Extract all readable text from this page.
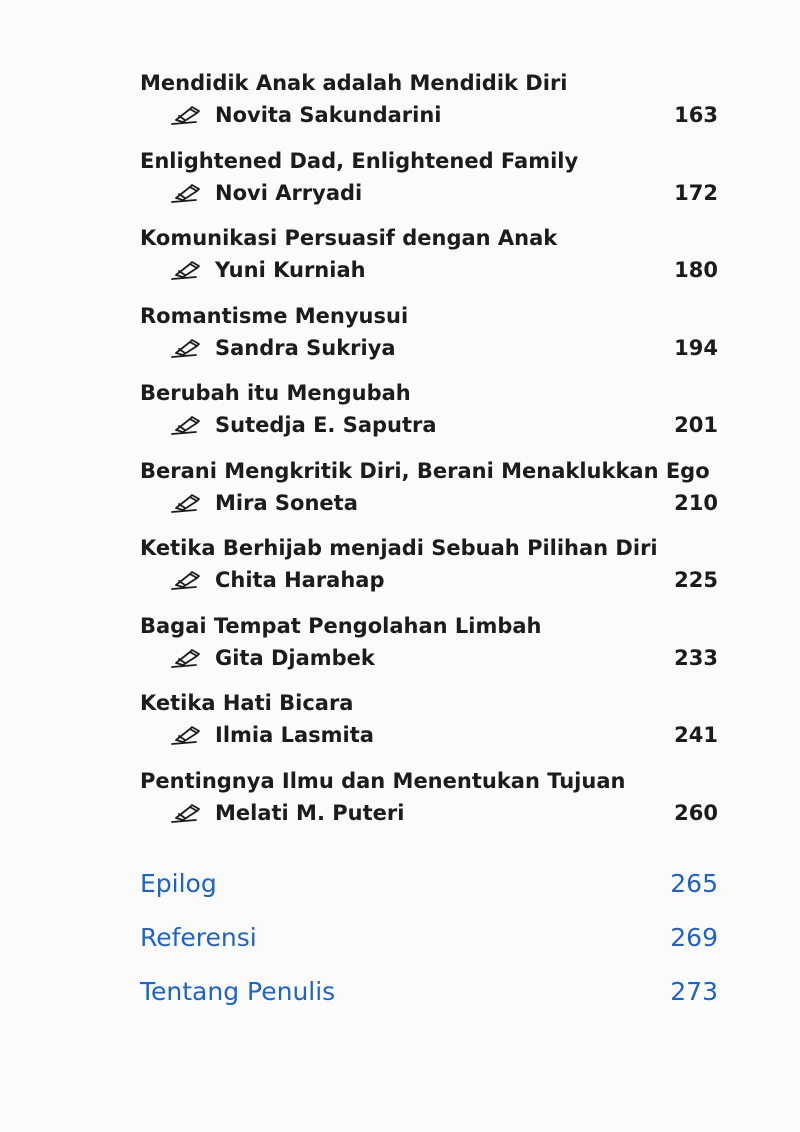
Mendidik Anak adalah Mendidik Diri
Novita Sakundarini	163
Enlightened Dad, Enlightened Family
Novi Arryadi	172
Komunikasi Persuasif dengan Anak
Yuni Kurniah	180
Romantisme Menyusui
Sandra Sukriya	194
Berubah itu Mengubah
Sutedja E. Saputra	201
Berani Mengkritik Diri, Berani Menaklukkan Ego
Mira Soneta	210
Ketika Berhijab menjadi Sebuah Pilihan Diri
Chita Harahap	225
Bagai Tempat Pengolahan Limbah
Gita Djambek	233
Ketika Hati Bicara
Ilmia Lasmita	241
Pentingnya Ilmu dan Menentukan Tujuan
Melati M. Puteri	260
Epilog	265
Referensi	269
Tentang Penulis	273
